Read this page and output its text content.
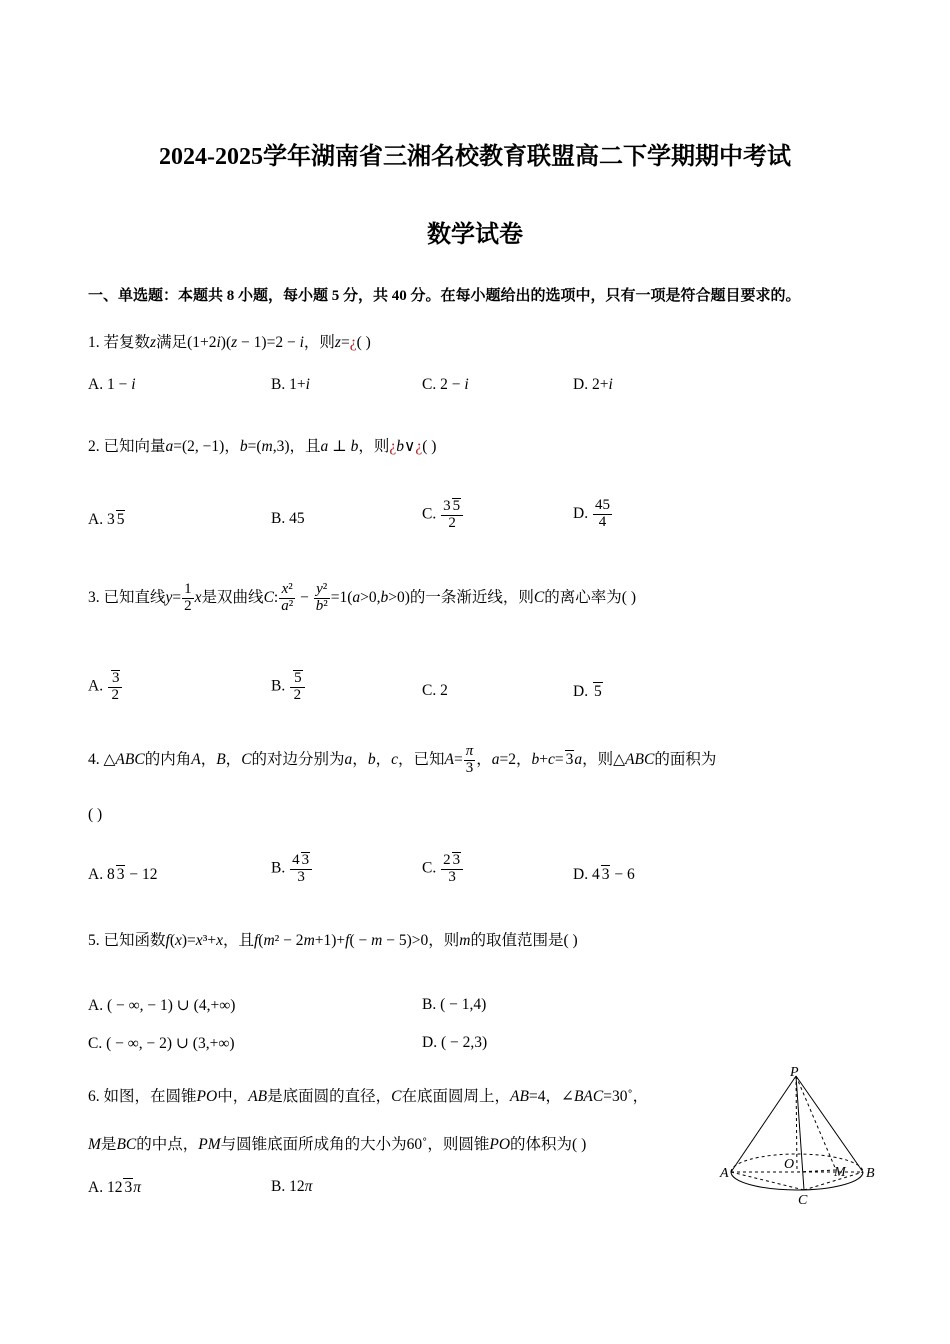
2024-2025学年湖南省三湘名校教育联盟高二下学期期中考试
数学试卷
一、单选题：本题共 8 小题，每小题 5 分，共 40 分。在每小题给出的选项中，只有一项是符合题目要求的。
1. 若复数z满足(1+2i)(z − 1)=2 − i，则z=¿( )
A. 1 − i	B. 1+i	C. 2 − i	D. 2+i
2. 已知向量a=(2, −1)，b=(m,3)，且a ⊥ b，则¿b∨¿( )
A. 3 5	B. 45	C. $\frac{3 5}{2}$	D. $\frac{45}{4}$
3. 已知直线$y= \frac{1}{2}$ x是双曲线C: $\frac{\text{x²}}{\text{a²}} - \frac{\text{y²}}{\text{b²}} =1(a>0,b>0)$的一条渐近线，则C的离心率为( )
A. $\frac{3}{2}$	B. $\frac{5}{2}$	C. 2	D. 5
4. △ABC的内角A，B，C的对边分别为a，b，c，已知$A= \frac{\pi}{3}$ ，a=2，b+c= 3a，则△ABC的面积为
( )
A. 8 3 − 12	B. $\frac{4 3}{3}$	C. $\frac{2 3}{3}$	D. 4 3 − 6
5. 已知函数f(x)=x³+x，且f(m² − 2m+1)+f( − m − 5)>0，则m的取值范围是( )
A. ( − ∞, − 1) ∪ (4,+∞)	B. ( − 1,4)
C. ( − ∞, − 2) ∪ (3,+∞)	D. ( − 2,3)
6. 如图，在圆锥PO中，AB是底面圆的直径，C在底面圆周上，AB=4，∠BAC=30˚，
M是BC的中点，PM与圆锥底面所成角的大小为60˚，则圆锥PO的体积为( )
A. 12 3π	B. 12π
P
O
A	B
C
M
